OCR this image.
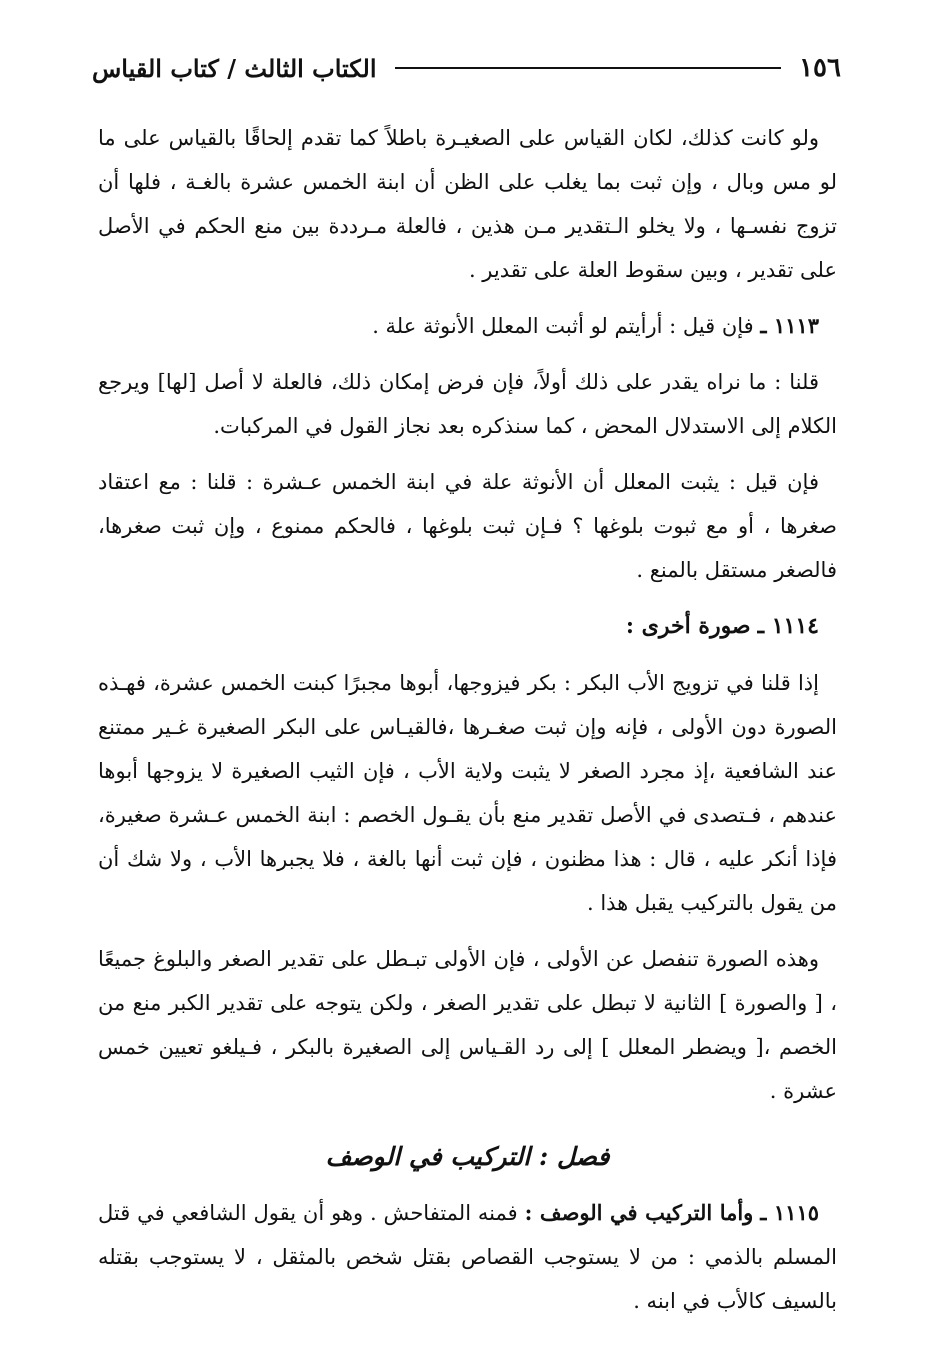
١٥٦
الكتاب الثالث / كتاب القياس

ولو كانت كذلك، لكان القياس على الصغيـرة باطلاً كما تقدم إلحاقًا بالقياس على ما لو مس وبال ، وإن ثبت بما يغلب على الظن أن ابنة الخمس عشرة بالغـة ، فلها أن تزوج نفسـها ، ولا يخلو الـتقدير مـن هذين ، فالعلة مـرددة بين منع الحكم في الأصل على تقدير ، وبين سقوط العلة على تقدير .

١١١٣ ـ فإن قيل : أرأيتم لو أثبت المعلل الأنوثة علة .

قلنا : ما نراه يقدر على ذلك أولاً، فإن فرض إمكان ذلك، فالعلة لا أصل [لها] ويرجع الكلام إلى الاستدلال المحض ، كما سنذكره بعد نجاز القول في المركبات.

فإن قيل : يثبت المعلل أن الأنوثة علة في ابنة الخمس عـشرة : قلنا : مع اعتقاد صغرها ، أو مع ثبوت بلوغها ؟ فـإن ثبت بلوغها ، فالحكم ممنوع ، وإن ثبت صغرها، فالصغر مستقل بالمنع .

١١١٤ ـ صورة أخرى :

إذا قلنا في تزويج الأب البكر : بكر فيزوجها، أبوها مجبرًا كبنت الخمس عشرة، فهـذه الصورة دون الأولى ، فإنه وإن ثبت صغـرها ،فالقيـاس على البكر الصغيرة غـير ممتنع عند الشافعية ،إذ مجرد الصغر لا يثبت ولاية الأب ، فإن الثيب الصغيرة لا يزوجها أبوها عندهم ، فـتصدى في الأصل تقدير منع بأن يقـول الخصم : ابنة الخمس عـشرة صغيرة، فإذا أنكر عليه ، قال : هذا مظنون ، فإن ثبت أنها بالغة ، فلا يجبرها الأب ، ولا شك أن من يقول بالتركيب يقبل هذا .

وهذه الصورة تنفصل عن الأولى ، فإن الأولى تبـطل على تقدير الصغر والبلوغ جميعًا ، [ والصورة ] الثانية لا تبطل على تقدير الصغر ، ولكن يتوجه على تقدير الكبر منع من الخصم ،[ ويضطر المعلل ] إلى رد القـياس إلى الصغيرة بالبكر ، فـيلغو تعيين خمس عشرة .

فصل : التركيب في الوصف

١١١٥ ـ وأما التركيب في الوصف : فمنه المتفاحش . وهو أن يقول الشافعي في قتل المسلم بالذمي : من لا يستوجب القصاص بقتل شخص بالمثقل ، لا يستوجب بقتله بالسيف كالأب في ابنه .
